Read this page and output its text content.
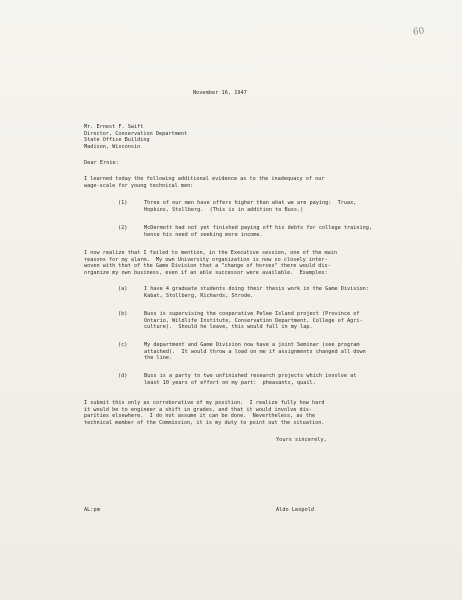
60
November 16, 1947
Mr. Ernest F. Swift
Director, Conservation Department
State Office Building
Madison, Wisconsin
Dear Ernie:
I learned today the following additional evidence as to the inadequacy of our
wage-scale for young technical men:
(1)	Three of our men have offers higher than what we are paying:  Truax,
Hopkins, Stollberg.  (This is in addition to Buss.)
(2)	McDermott had not yet finished paying off his debts for college training,
hence his need of seeking more income.
I now realize that I failed to mention, in the Executive session, one of the main
reasons for my alarm.  My own University organization is now so closely inter-
woven with that of the Game Division that a "change of horses" there would dis-
organize my own business, even if an able successor were available.  Examples:
(a)	I have 4 graduate students doing their thesis work in the Game Division:
Kabat, Stollberg, Richards, Strode.
(b)	Buss is supervising the cooperative Pelee Island project (Province of
Ontario, Wildlife Institute, Conservation Department, College of Agri-
culture).  Should he leave, this would fall in my lap.
(c)	My department and Game Division now have a joint Seminar (see program
attached).  It would throw a load on me if assignments changed all down
the line.
(d)	Buss is a party to two unfinished research projects which involve at
least 10 years of effort on my part:  pheasants, quail.
I submit this only as corroborative of my position.  I realize fully how hard
it would be to engineer a shift in grades, and that it would involve dis-
parities elsewhere.  I do not assume it can be done.  Nevertheless, as the
technical member of the Commission, it is my duty to point out the situation.
Yours sincerely,
AL:pm	Aldo Leopold
